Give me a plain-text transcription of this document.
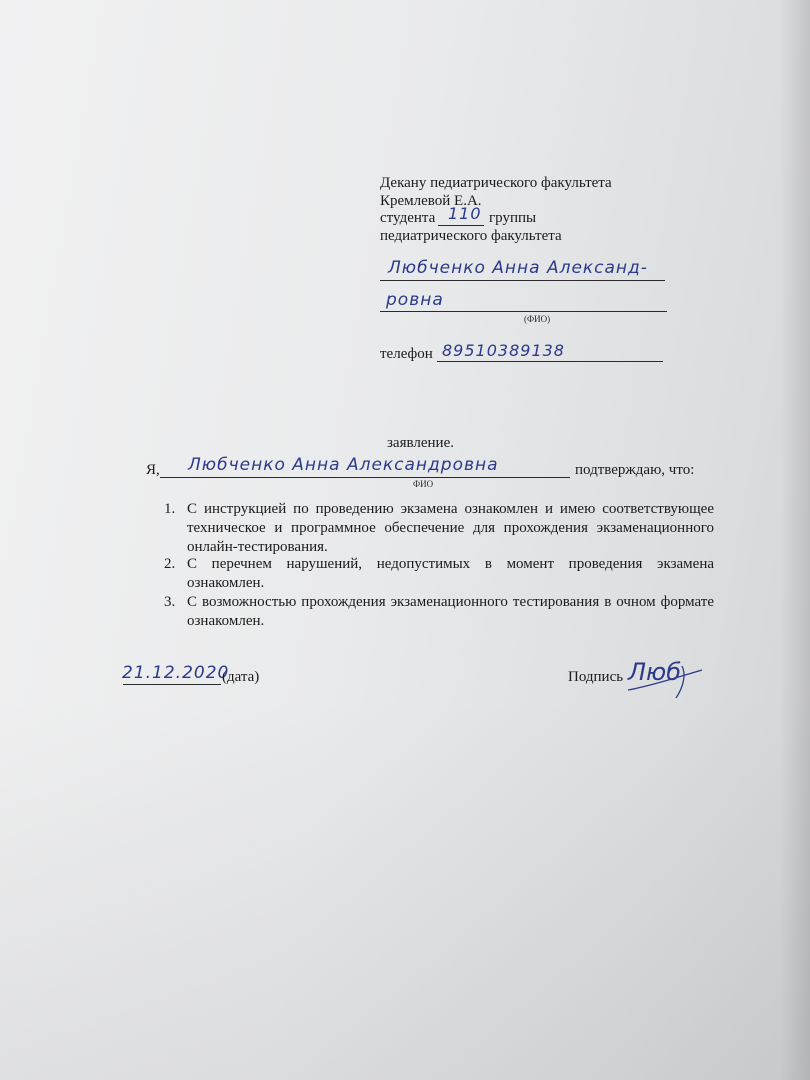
Декану педиатрического факультета
Кремлевой Е.А.
студента 110 группы
педиатрического факультета
Любченко Анна Александ-
ровна
(ФИО)
телефон 89510389138
заявление.
Я, Любченко Анна Александровна	подтверждаю, что:
ФИО
1. С инструкцией по проведению экзамена ознакомлен и имею соответствующее техническое и программное обеспечение для прохождения экзаменационного онлайн-тестирования.
2. С перечнем нарушений, недопустимых в момент проведения экзамена ознакомлен.
3. С возможностью прохождения экзаменационного тестирования в очном формате ознакомлен.
21.12.2020
(дата)	Подпись Люб
